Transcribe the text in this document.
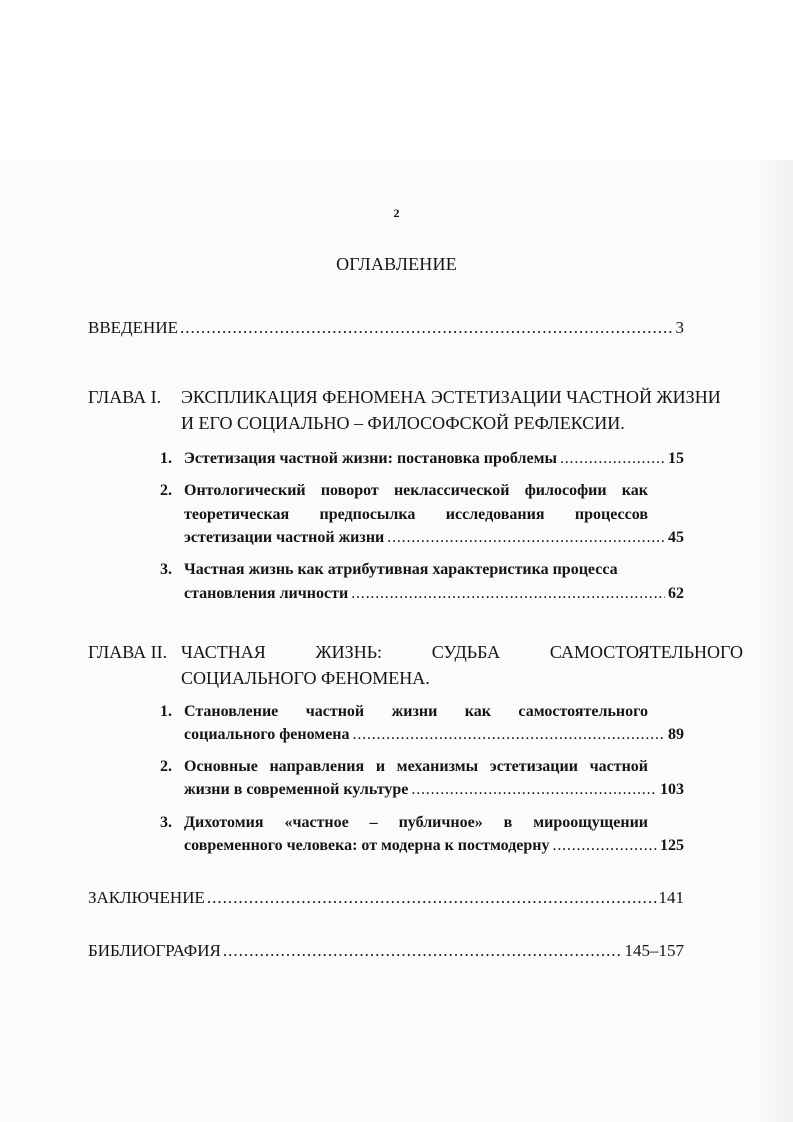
2
ОГЛАВЛЕНИЕ
ВВЕДЕНИЕ .....	3
ГЛАВА I. ЭКСПЛИКАЦИЯ ФЕНОМЕНА ЭСТЕТИЗАЦИИ ЧАСТНОЙ ЖИЗНИ
И ЕГО СОЦИАЛЬНО – ФИЛОСОФСКОЙ РЕФЛЕКСИИ.
1. Эстетизация частной жизни: постановка проблемы .....	15
2. Онтологический поворот неклассической философии как
теоретическая предпосылка исследования процессов
эстетизации частной жизни .....	45
3. Частная жизнь как атрибутивная характеристика процесса
становления личности .....	62
ГЛАВА II. ЧАСТНАЯ ЖИЗНЬ: СУДЬБА САМОСТОЯТЕЛЬНОГО
СОЦИАЛЬНОГО ФЕНОМЕНА.
1. Становление частной жизни как самостоятельного
социального феномена .....	89
2. Основные направления и механизмы эстетизации частной
жизни в современной культуре .....	103
3. Дихотомия «частное – публичное» в мироощущении
современного человека: от модерна к постмодерну .....	125
ЗАКЛЮЧЕНИЕ .....	141
БИБЛИОГРАФИЯ .....	145–157
